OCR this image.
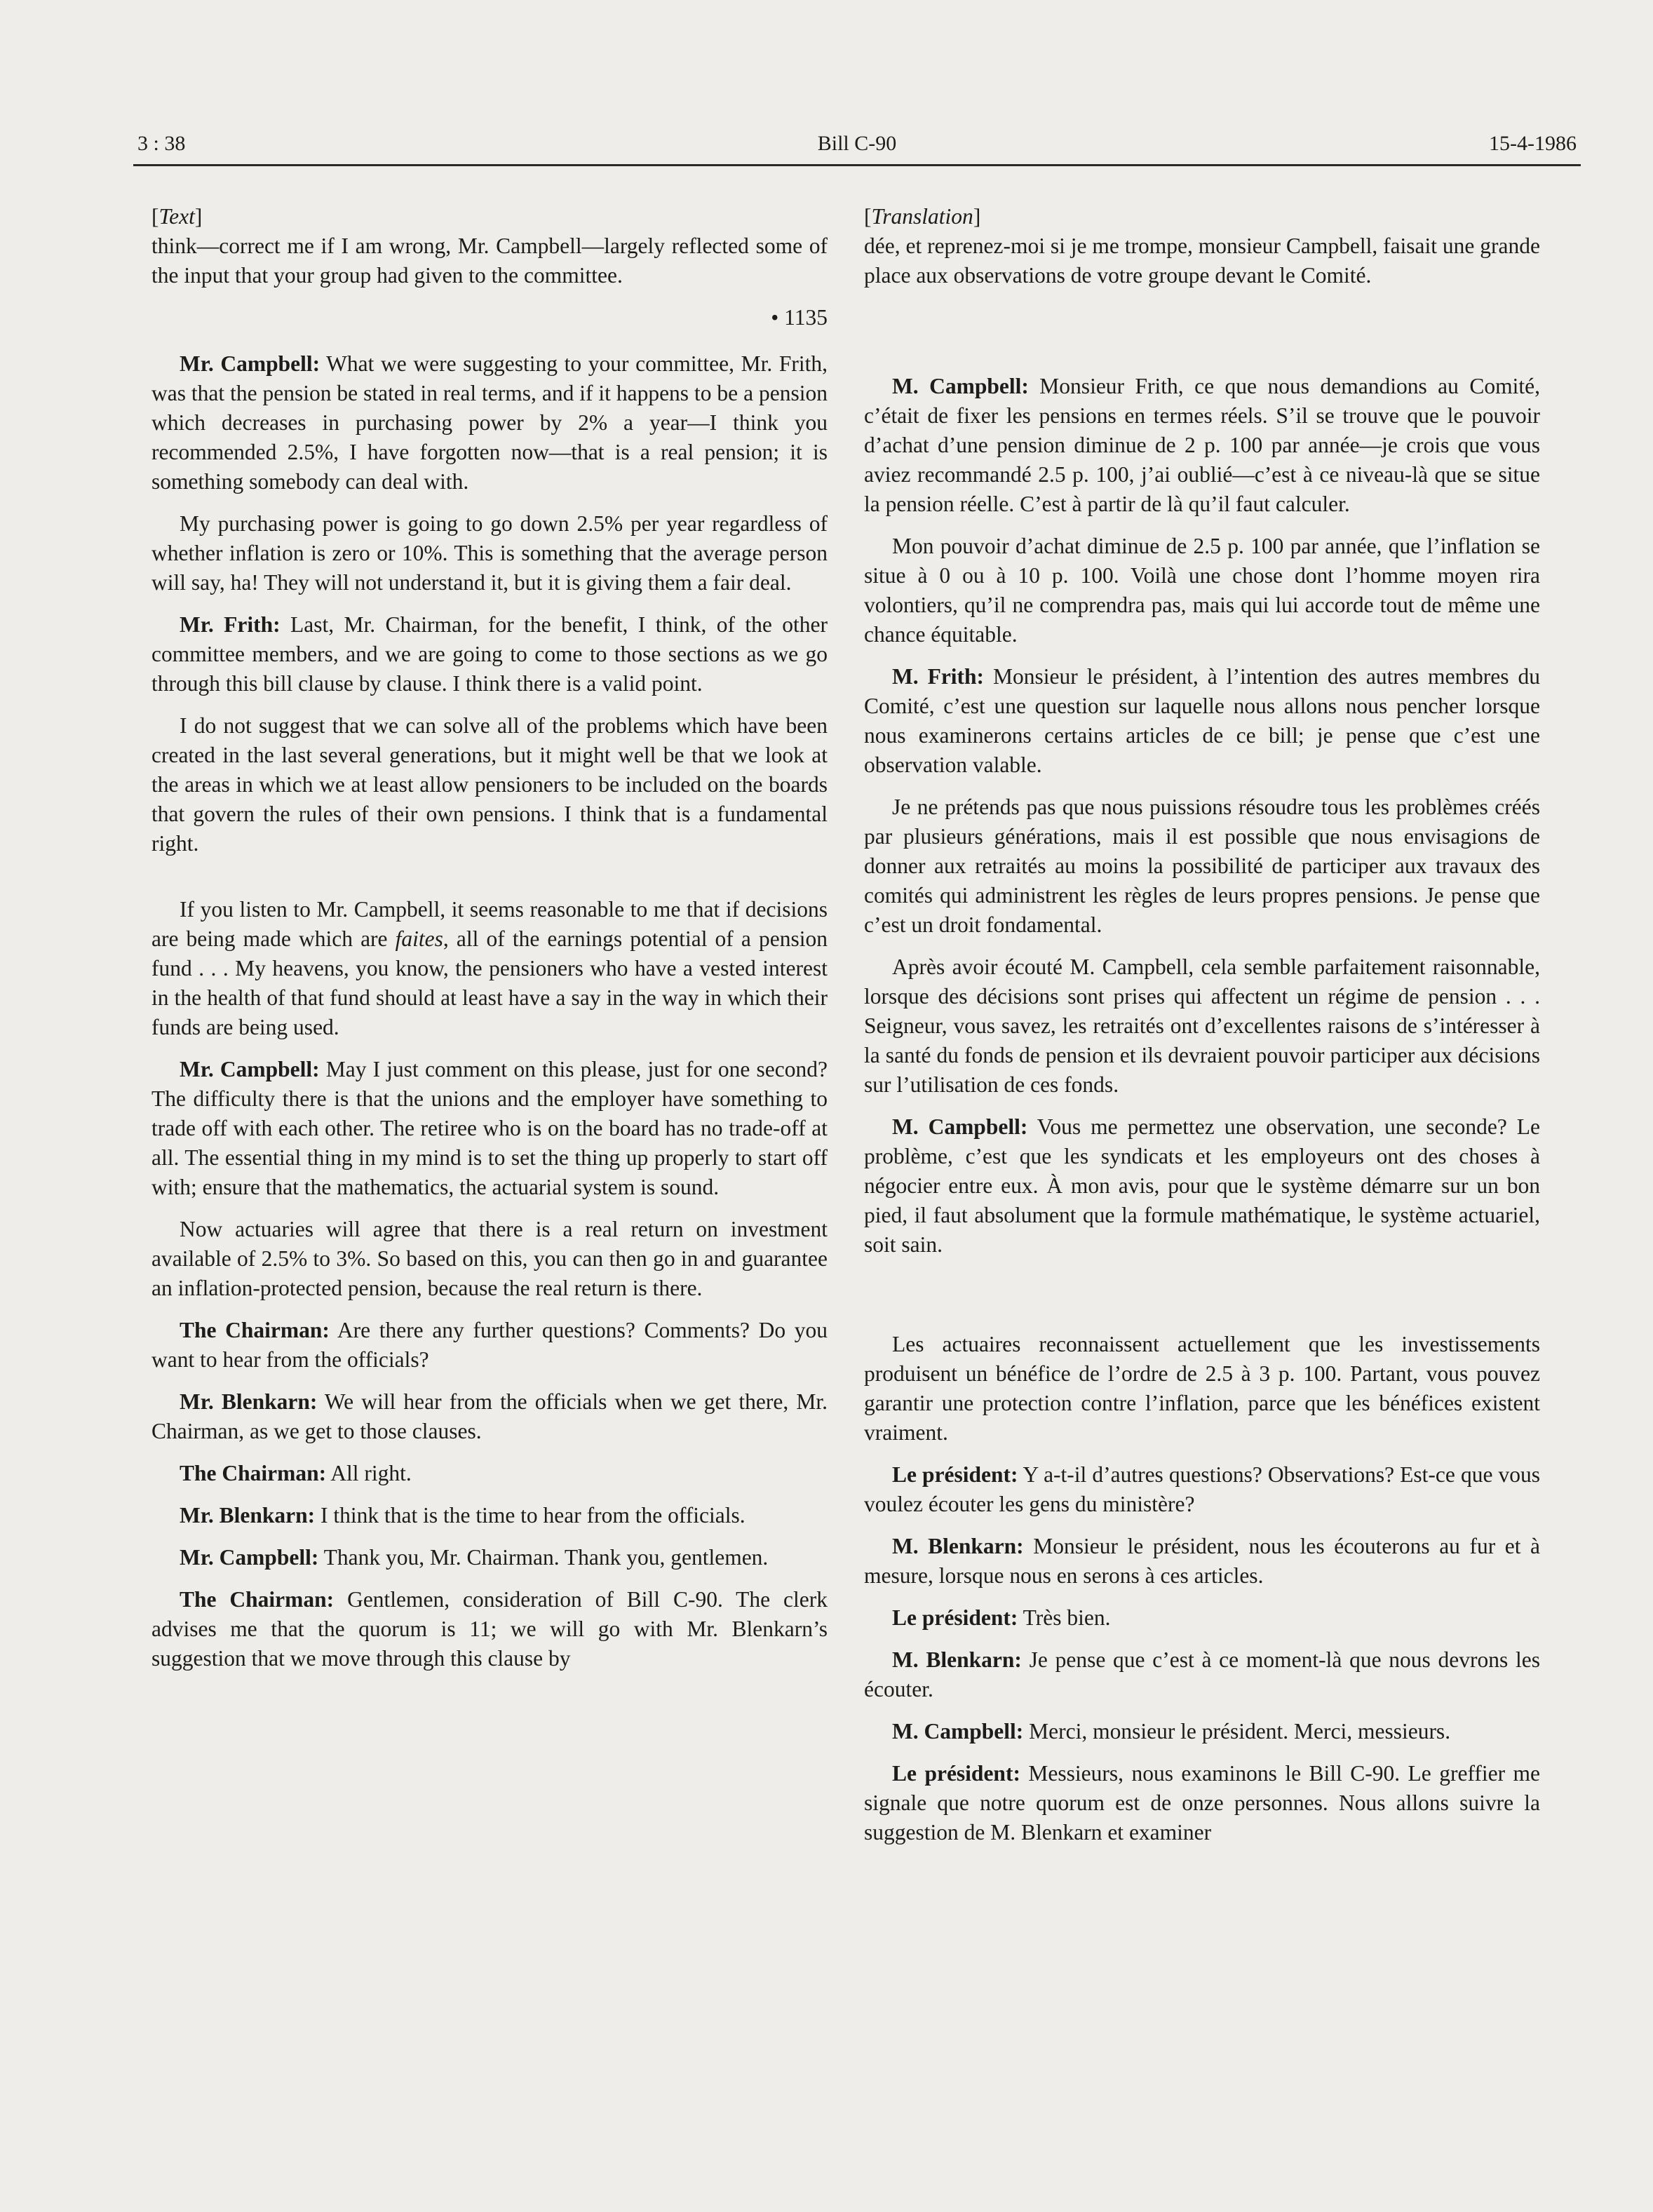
3 : 38	Bill C-90	15-4-1986

[Text]

think—correct me if I am wrong, Mr. Campbell—largely reflected some of the input that your group had given to the committee.

• 1135

Mr. Campbell: What we were suggesting to your committee, Mr. Frith, was that the pension be stated in real terms, and if it happens to be a pension which decreases in purchasing power by 2% a year—I think you recommended 2.5%, I have forgotten now—that is a real pension; it is something somebody can deal with.

My purchasing power is going to go down 2.5% per year regardless of whether inflation is zero or 10%. This is something that the average person will say, ha! They will not understand it, but it is giving them a fair deal.

Mr. Frith: Last, Mr. Chairman, for the benefit, I think, of the other committee members, and we are going to come to those sections as we go through this bill clause by clause. I think there is a valid point.

I do not suggest that we can solve all of the problems which have been created in the last several generations, but it might well be that we look at the areas in which we at least allow pensioners to be included on the boards that govern the rules of their own pensions. I think that is a fundamental right.

If you listen to Mr. Campbell, it seems reasonable to me that if decisions are being made which are faites, all of the earnings potential of a pension fund . . . My heavens, you know, the pensioners who have a vested interest in the health of that fund should at least have a say in the way in which their funds are being used.

Mr. Campbell: May I just comment on this please, just for one second? The difficulty there is that the unions and the employer have something to trade off with each other. The retiree who is on the board has no trade-off at all. The essential thing in my mind is to set the thing up properly to start off with; ensure that the mathematics, the actuarial system is sound.

Now actuaries will agree that there is a real return on investment available of 2.5% to 3%. So based on this, you can then go in and guarantee an inflation-protected pension, because the real return is there.

The Chairman: Are there any further questions? Comments? Do you want to hear from the officials?

Mr. Blenkarn: We will hear from the officials when we get there, Mr. Chairman, as we get to those clauses.

The Chairman: All right.

Mr. Blenkarn: I think that is the time to hear from the officials.

Mr. Campbell: Thank you, Mr. Chairman. Thank you, gentlemen.

The Chairman: Gentlemen, consideration of Bill C-90. The clerk advises me that the quorum is 11; we will go with Mr. Blenkarn’s suggestion that we move through this clause by

[Translation]

dée, et reprenez-moi si je me trompe, monsieur Campbell, faisait une grande place aux observations de votre groupe devant le Comité.

M. Campbell: Monsieur Frith, ce que nous demandions au Comité, c’était de fixer les pensions en termes réels. S’il se trouve que le pouvoir d’achat d’une pension diminue de 2 p. 100 par année—je crois que vous aviez recommandé 2.5 p. 100, j’ai oublié—c’est à ce niveau-là que se situe la pension réelle. C’est à partir de là qu’il faut calculer.

Mon pouvoir d’achat diminue de 2.5 p. 100 par année, que l’inflation se situe à 0 ou à 10 p. 100. Voilà une chose dont l’homme moyen rira volontiers, qu’il ne comprendra pas, mais qui lui accorde tout de même une chance équitable.

M. Frith: Monsieur le président, à l’intention des autres membres du Comité, c’est une question sur laquelle nous allons nous pencher lorsque nous examinerons certains articles de ce bill; je pense que c’est une observation valable.

Je ne prétends pas que nous puissions résoudre tous les problèmes créés par plusieurs générations, mais il est possible que nous envisagions de donner aux retraités au moins la possibilité de participer aux travaux des comités qui administrent les règles de leurs propres pensions. Je pense que c’est un droit fondamental.

Après avoir écouté M. Campbell, cela semble parfaitement raisonnable, lorsque des décisions sont prises qui affectent un régime de pension . . . Seigneur, vous savez, les retraités ont d’excellentes raisons de s’intéresser à la santé du fonds de pension et ils devraient pouvoir participer aux décisions sur l’utilisation de ces fonds.

M. Campbell: Vous me permettez une observation, une seconde? Le problème, c’est que les syndicats et les employeurs ont des choses à négocier entre eux. À mon avis, pour que le système démarre sur un bon pied, il faut absolument que la formule mathématique, le système actuariel, soit sain.

Les actuaires reconnaissent actuellement que les investissements produisent un bénéfice de l’ordre de 2.5 à 3 p. 100. Partant, vous pouvez garantir une protection contre l’inflation, parce que les bénéfices existent vraiment.

Le président: Y a-t-il d’autres questions? Observations? Est-ce que vous voulez écouter les gens du ministère?

M. Blenkarn: Monsieur le président, nous les écouterons au fur et à mesure, lorsque nous en serons à ces articles.

Le président: Très bien.

M. Blenkarn: Je pense que c’est à ce moment-là que nous devrons les écouter.

M. Campbell: Merci, monsieur le président. Merci, messieurs.

Le président: Messieurs, nous examinons le Bill C-90. Le greffier me signale que notre quorum est de onze personnes. Nous allons suivre la suggestion de M. Blenkarn et examiner
